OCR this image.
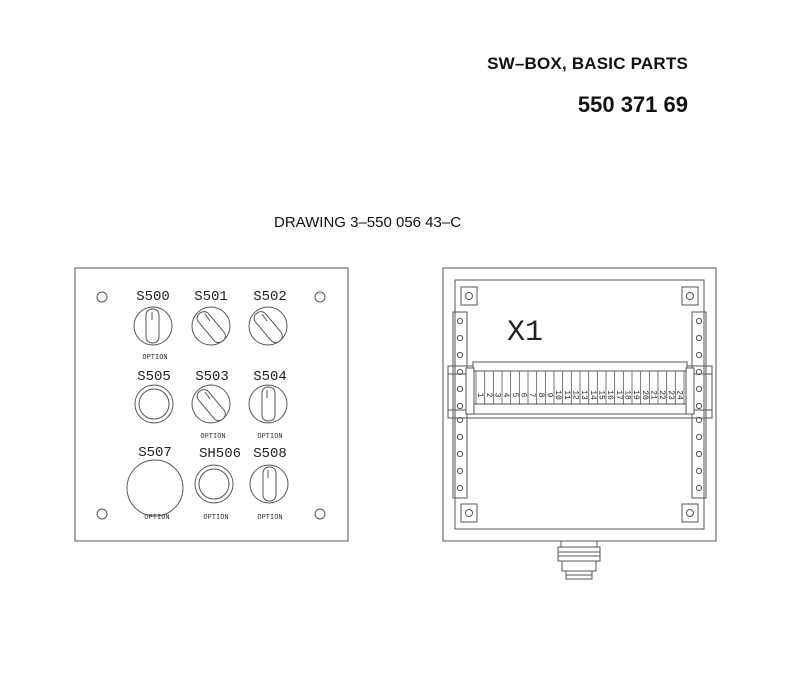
SW–BOX, BASIC PARTS
550 371 69
DRAWING 3–550 056 43–C
1 2 3 4 5 6 7 8 9 10 11 12 13 14 15 16 17 18 19 20 21 22 23 24
S500 S501 S502
S505 S503 S504
S507 SH506 S508
OPTION
OPTION	OPTION
OPTION	OPTION	OPTION
X1
